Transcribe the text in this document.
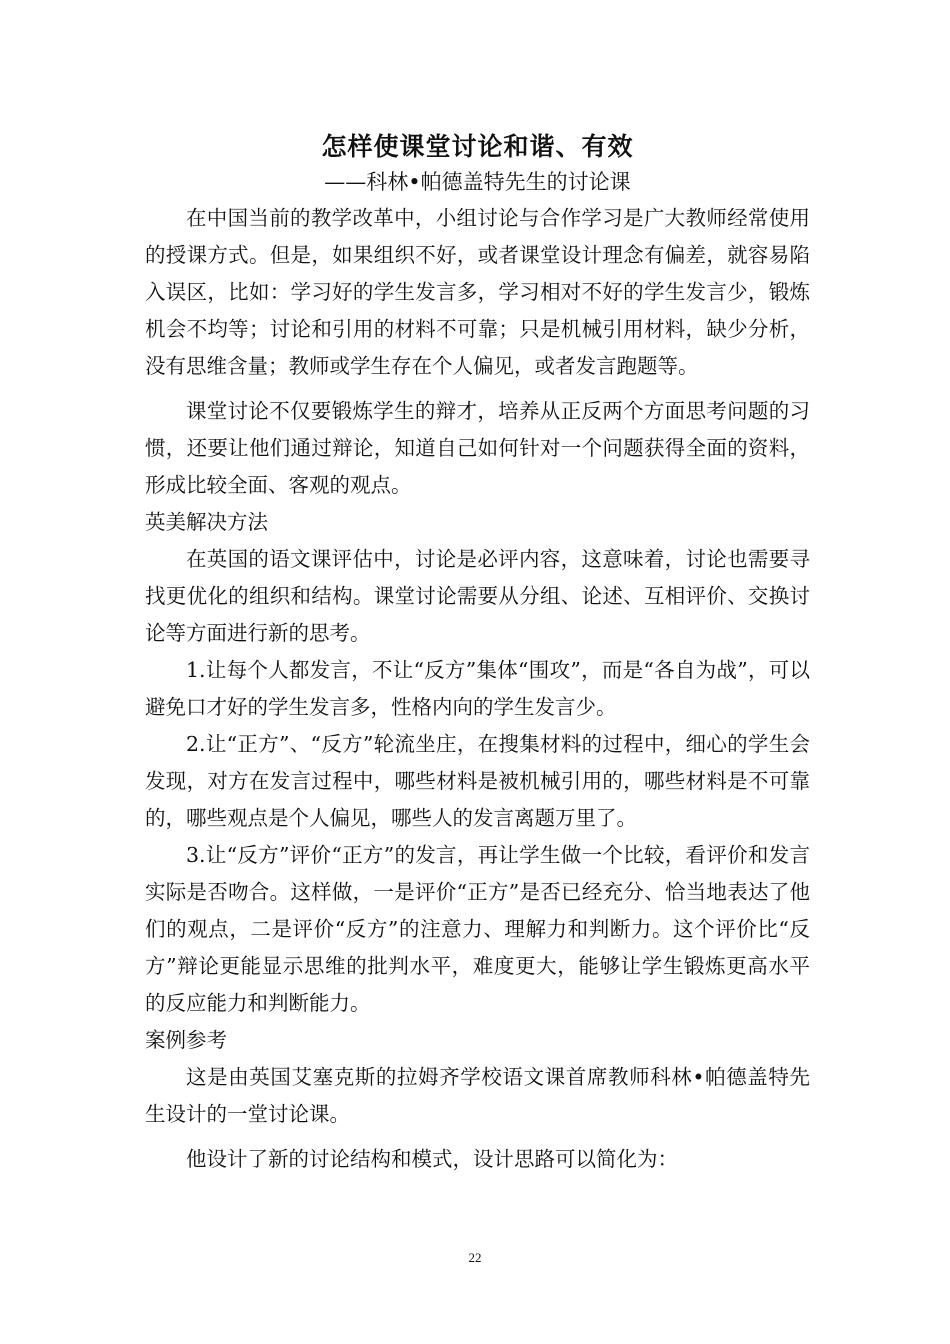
怎样使课堂讨论和谐、有效
——科林•帕德盖特先生的讨论课

在中国当前的教学改革中，小组讨论与合作学习是广大教师经常使用的授课方式。但是，如果组织不好，或者课堂设计理念有偏差，就容易陷入误区，比如：学习好的学生发言多，学习相对不好的学生发言少，锻炼机会不均等；讨论和引用的材料不可靠；只是机械引用材料，缺少分析，没有思维含量；教师或学生存在个人偏见，或者发言跑题等。

课堂讨论不仅要锻炼学生的辩才，培养从正反两个方面思考问题的习惯，还要让他们通过辩论，知道自己如何针对一个问题获得全面的资料，形成比较全面、客观的观点。

英美解决方法

在英国的语文课评估中，讨论是必评内容，这意味着，讨论也需要寻找更优化的组织和结构。课堂讨论需要从分组、论述、互相评价、交换讨论等方面进行新的思考。

1.让每个人都发言，不让“反方”集体“围攻”，而是“各自为战”，可以避免口才好的学生发言多，性格内向的学生发言少。

2.让“正方”、“反方”轮流坐庄，在搜集材料的过程中，细心的学生会发现，对方在发言过程中，哪些材料是被机械引用的，哪些材料是不可靠的，哪些观点是个人偏见，哪些人的发言离题万里了。

3.让“反方”评价“正方”的发言，再让学生做一个比较，看评价和发言实际是否吻合。这样做，一是评价“正方”是否已经充分、恰当地表达了他们的观点，二是评价“反方”的注意力、理解力和判断力。这个评价比“反方”辩论更能显示思维的批判水平，难度更大，能够让学生锻炼更高水平的反应能力和判断能力。

案例参考

这是由英国艾塞克斯的拉姆齐学校语文课首席教师科林•帕德盖特先生设计的一堂讨论课。

他设计了新的讨论结构和模式，设计思路可以简化为：

22
